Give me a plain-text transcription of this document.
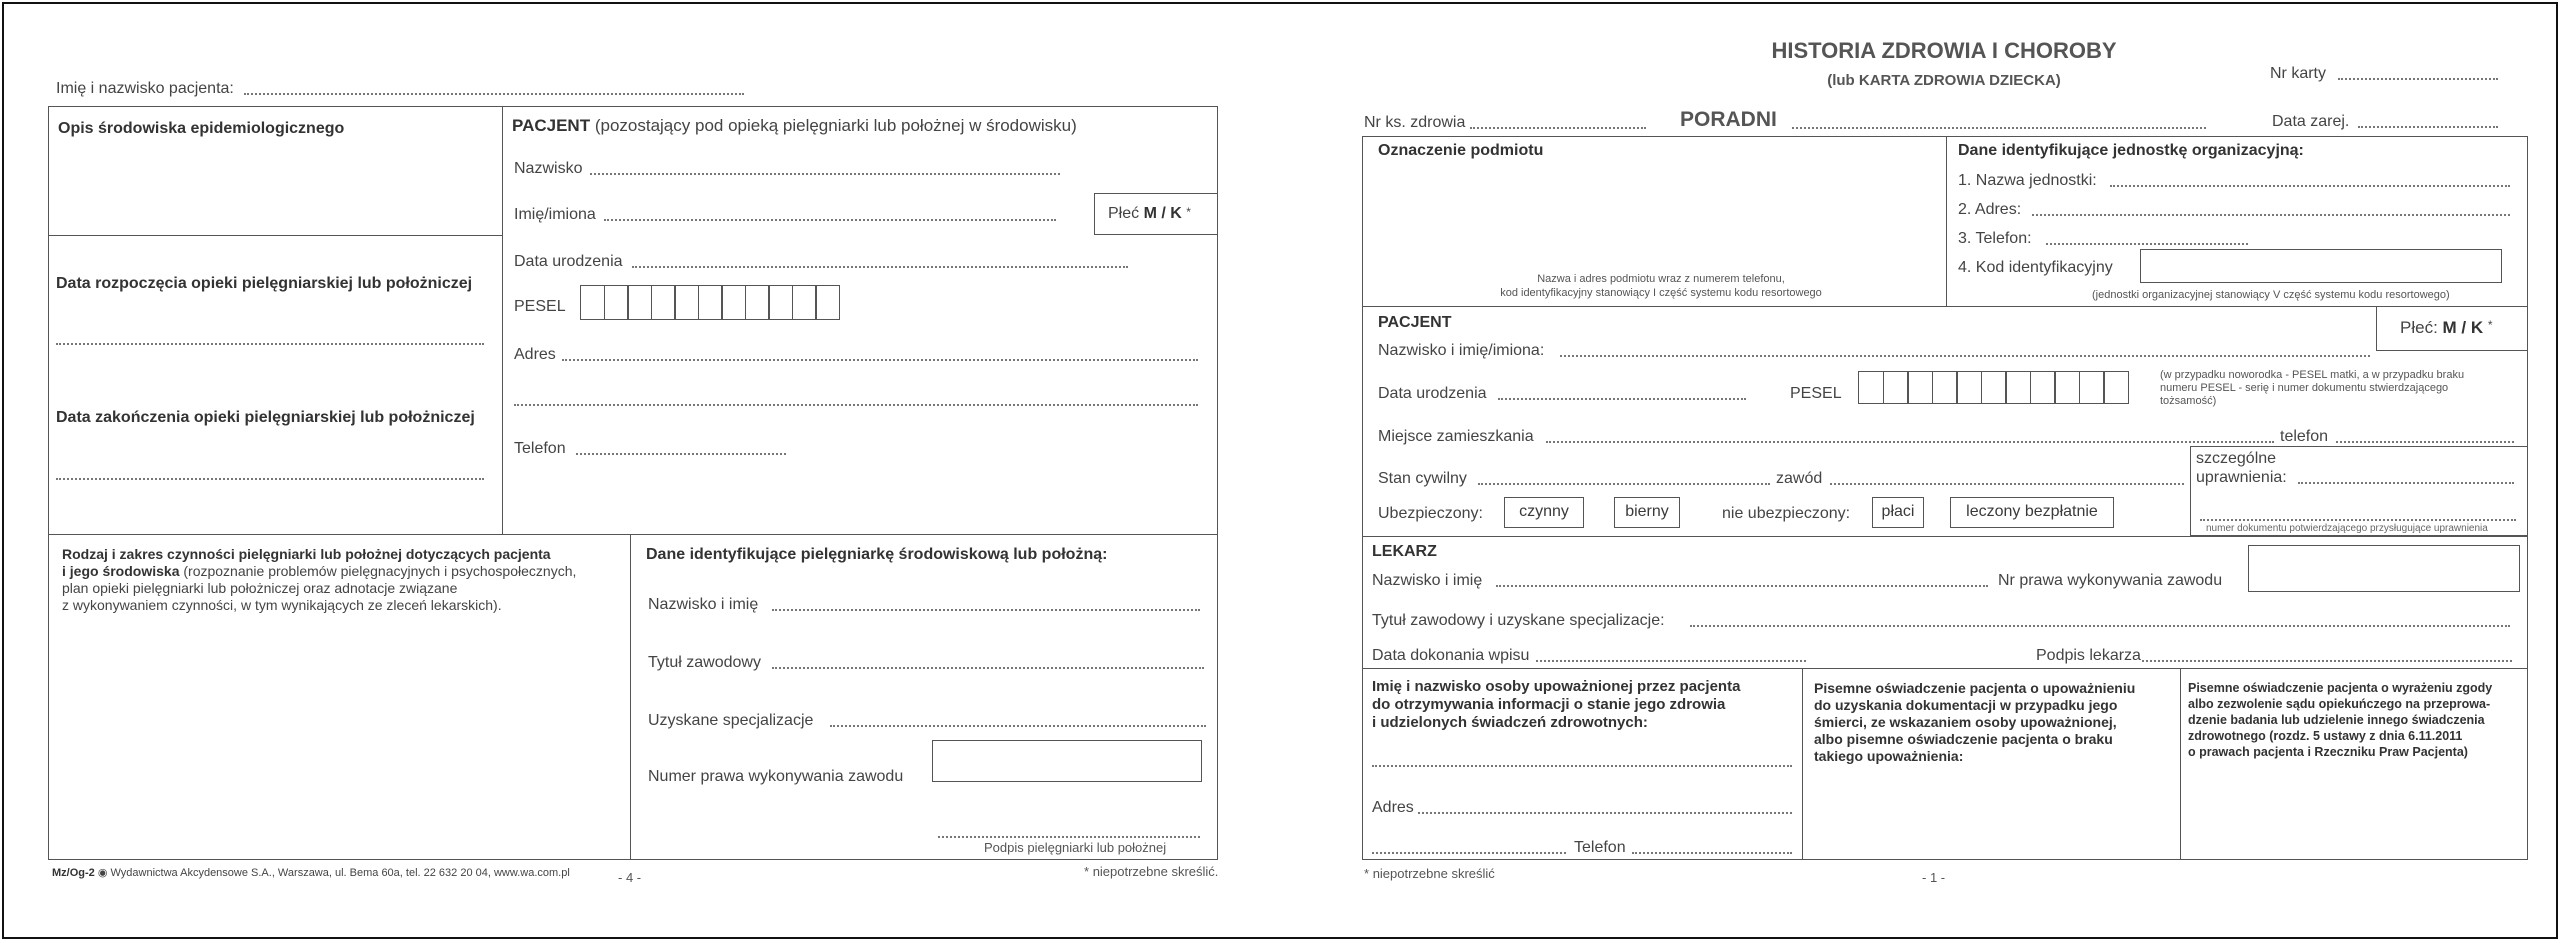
Imię i nazwisko pacjenta:
Opis środowiska epidemiologicznego	PACJENT (pozostający pod opieką pielęgniarki lub położnej w środowisku)
Nazwisko
Imię/imiona	Płeć M / K *
Data urodzenia
PESEL
Adres
Telefon
Data rozpoczęcia opieki pielęgniarskiej lub położniczej
Data zakończenia opieki pielęgniarskiej lub położniczej
Rodzaj i zakres czynności pielęgniarki lub położnej dotyczących pacjenta
i jego środowiska (rozpoznanie problemów pielęgnacyjnych i psychospołecznych,
plan opieki pielęgniarki lub położniczej oraz adnotacje związane
z wykonywaniem czynności, w tym wynikających ze zleceń lekarskich).
Dane identyfikujące pielęgniarkę środowiskową lub położną:
Nazwisko i imię
Tytuł zawodowy
Uzyskane specjalizacje
Numer prawa wykonywania zawodu
Podpis pielęgniarki lub położnej
Mz/Og-2 ◉ Wydawnictwa Akcydensowe S.A., Warszawa, ul. Bema 60a, tel. 22 632 20 04, www.wa.com.pl	- 4 -	* niepotrzebne skreślić.
HISTORIA ZDROWIA I CHOROBY
(lub KARTA ZDROWIA DZIECKA)	Nr karty
Nr ks. zdrowia	PORADNI	Data zarej.
Oznaczenie podmiotu
Nazwa i adres podmiotu wraz z numerem telefonu,
kod identyfikacyjny stanowiący I część systemu kodu resortowego
Dane identyfikujące jednostkę organizacyjną:
1. Nazwa jednostki:
2. Adres:
3. Telefon:
4. Kod identyfikacyjny
(jednostki organizacyjnej stanowiący V część systemu kodu resortowego)
PACJENT	Płeć: M / K *
Nazwisko i imię/imiona:
Data urodzenia	PESEL
(w przypadku noworodka - PESEL matki, a w przypadku braku
numeru PESEL - serię i numer dokumentu stwierdzającego
tożsamość)
Miejsce zamieszkania	telefon
szczególne
uprawnienia:
numer dokumentu potwierdzającego przysługujące uprawnienia
Stan cywilny	zawód
Ubezpieczony:	czynny	bierny	nie ubezpieczony:	płaci	leczony bezpłatnie
LEKARZ
Nazwisko i imię	Nr prawa wykonywania zawodu
Tytuł zawodowy i uzyskane specjalizacje:
Data dokonania wpisu	Podpis lekarza
Imię i nazwisko osoby upoważnionej przez pacjenta
do otrzymywania informacji o stanie jego zdrowia
i udzielonych świadczeń zdrowotnych:
Adres
Telefon
Pisemne oświadczenie pacjenta o upoważnieniu
do uzyskania dokumentacji w przypadku jego
śmierci, ze wskazaniem osoby upoważnionej,
albo pisemne oświadczenie pacjenta o braku
takiego upoważnienia:
Pisemne oświadczenie pacjenta o wyrażeniu zgody
albo zezwolenie sądu opiekuńczego na przeprowa-
dzenie badania lub udzielenie innego świadczenia
zdrowotnego (rozdz. 5 ustawy z dnia 6.11.2011
o prawach pacjenta i Rzeczniku Praw Pacjenta)
* niepotrzebne skreślić	- 1 -
